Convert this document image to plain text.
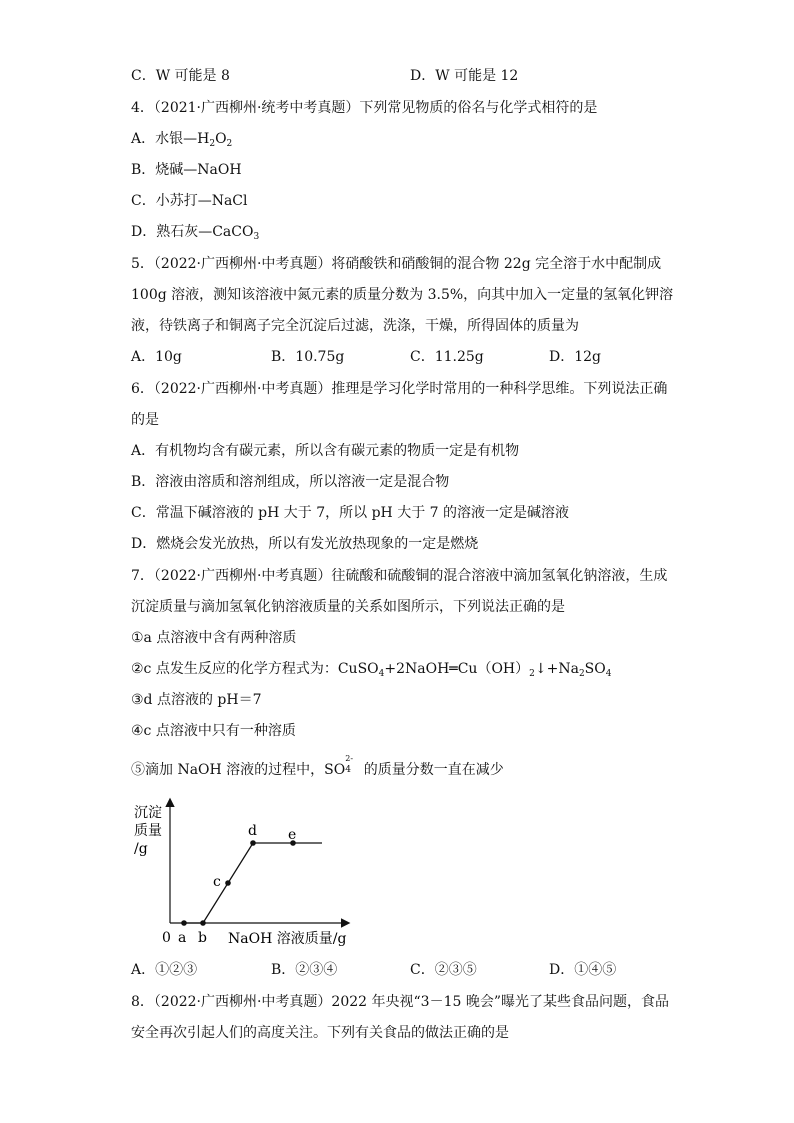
C．W 可能是 8	D．W 可能是 12
4．（2021·广西柳州·统考中考真题）下列常见物质的俗名与化学式相符的是
A．水银$—H_2O_2$
B．烧碱—NaOH
C．小苏打—NaCl
D．熟石灰—CaCO$_3$
5．（2022·广西柳州·中考真题）将硝酸铁和硝酸铜的混合物 22g 完全溶于水中配制成
100g 溶液，测知该溶液中氮元素的质量分数为 3.5%，向其中加入一定量的氢氧化钾溶
液，待铁离子和铜离子完全沉淀后过滤，洗涤，干燥，所得固体的质量为
A．10g	B．10.75g	C．11.25g	D．12g
6．（2022·广西柳州·中考真题）推理是学习化学时常用的一种科学思维。下列说法正确
的是
A．有机物均含有碳元素，所以含有碳元素的物质一定是有机物
B．溶液由溶质和溶剂组成，所以溶液一定是混合物
C．常温下碱溶液的 pH 大于 7，所以 pH 大于 7 的溶液一定是碱溶液
D．燃烧会发光放热，所以有发光放热现象的一定是燃烧
7．（2022·广西柳州·中考真题）往硫酸和硫酸铜的混合溶液中滴加氢氧化钠溶液，生成
沉淀质量与滴加氢氧化钠溶液质量的关系如图所示，下列说法正确的是
①a 点溶液中含有两种溶质
②c 点发生反应的化学方程式为：$CuSO_4+2NaOH═Cu(OH)_2↓+Na_2SO_4$
③d 点溶液的 pH＝7
④c 点溶液中只有一种溶质
⑤滴加 NaOH 溶液的过程中，SO
2-
4 的质量分数一直在减少
沉淀
质量
/g
0 a b
c
d e
NaOH 溶液质量/g
A．①②③	B．②③④	C．②③⑤	D．①④⑤
8．（2022·广西柳州·中考真题）2022 年央视“3－15 晚会”曝光了某些食品问题，食品
安全再次引起人们的高度关注。下列有关食品的做法正确的是
